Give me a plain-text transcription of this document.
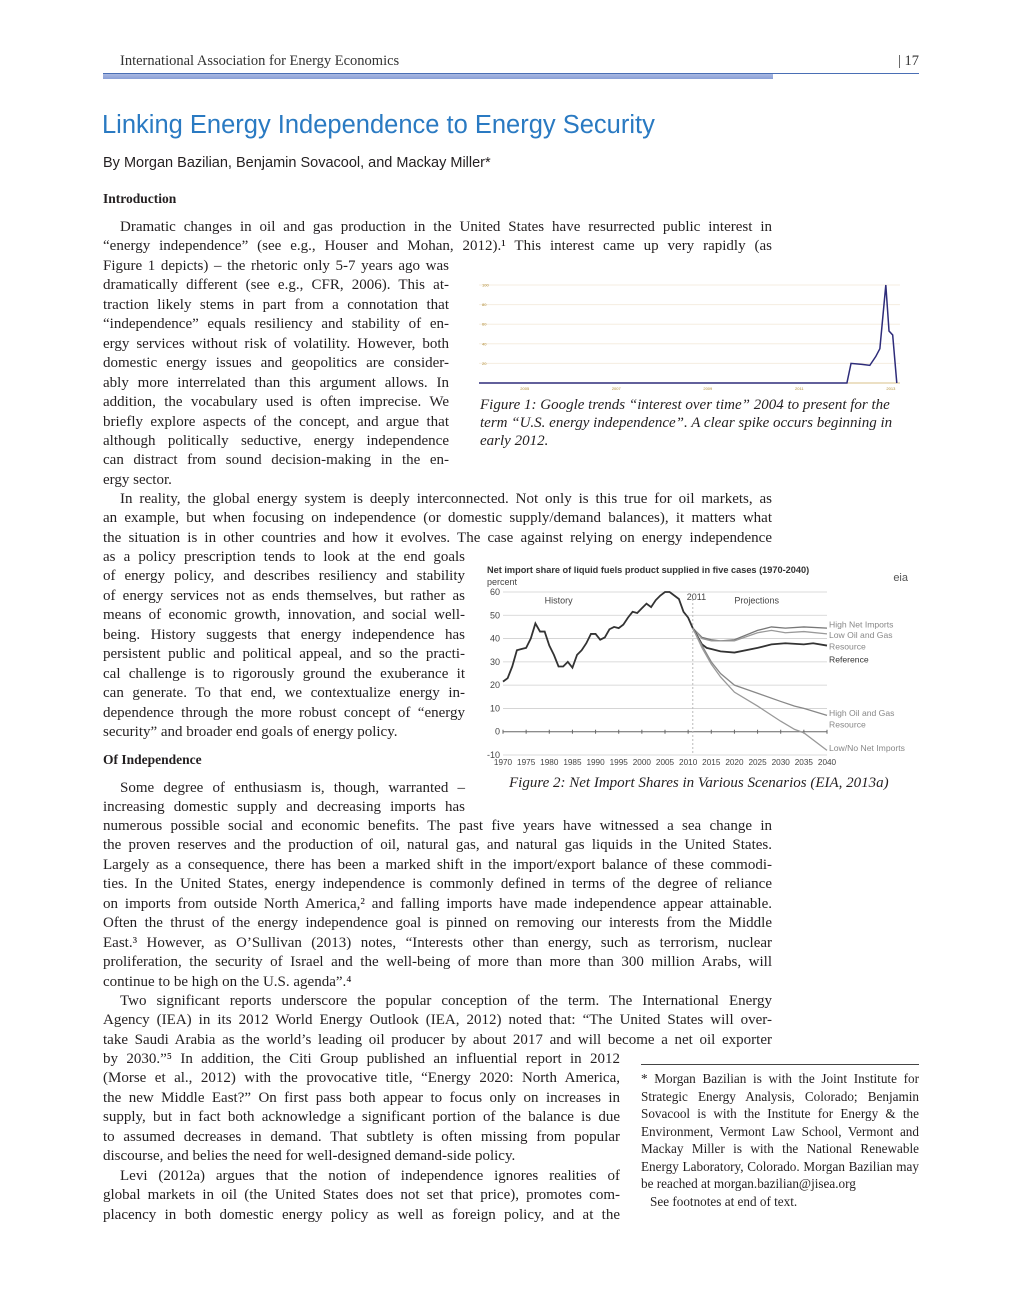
International Association for Energy Economics	| 17
Linking Energy Independence to Energy Security
By Morgan Bazilian, Benjamin Sovacool, and Mackay Miller*
Introduction
Dramatic changes in oil and gas production in the United States have resurrected public interest in
“energy independence” (see e.g., Houser and Mohan, 2012).¹ This interest came up very rapidly (as
Figure 1 depicts) – the rhetoric only 5-7 years ago was
dramatically different (see e.g., CFR, 2006). This at-
traction likely stems in part from a connotation that
“independence” equals resiliency and stability of en-
ergy services without risk of volatility. However, both
domestic energy issues and geopolitics are consider-
ably more interrelated than this argument allows. In
addition, the vocabulary used is often imprecise. We
briefly explore aspects of the concept, and argue that
although politically seductive, energy independence
can distract from sound decision-making in the en-
ergy sector.
In reality, the global energy system is deeply interconnected. Not only is this true for oil markets, as
an example, but when focusing on independence (or domestic supply/demand balances), it matters what
the situation is in other countries and how it evolves. The case against relying on energy independence
as a policy prescription tends to look at the end goals
of energy policy, and describes resiliency and stability
of energy services not as ends themselves, but rather as
means of economic growth, innovation, and social well-
being. History suggests that energy independence has
persistent public and political appeal, and so the practi-
cal challenge is to rigorously ground the exuberance it
can generate. To that end, we contextualize energy in-
dependence through the more robust concept of “energy
security” and broader end goals of energy policy.
Of Independence
Some degree of enthusiasm is, though, warranted –
increasing domestic supply and decreasing imports has
numerous possible social and economic benefits. The past five years have witnessed a sea change in
the proven reserves and the production of oil, natural gas, and natural gas liquids in the United States.
Largely as a consequence, there has been a marked shift in the import/export balance of these commodi-
ties. In the United States, energy independence is commonly defined in terms of the degree of reliance
on imports from outside North America,² and falling imports have made independence appear attainable.
Often the thrust of the energy independence goal is pinned on removing our interests from the Middle
East.³ However, as O’Sullivan (2013) notes, “Interests other than energy, such as terrorism, nuclear
proliferation, the security of Israel and the well-being of more than more than 300 million Arabs, will
continue to be high on the U.S. agenda”.⁴
Two significant reports underscore the popular conception of the term. The International Energy
Agency (IEA) in its 2012 World Energy Outlook (IEA, 2012) noted that: “The United States will over-
take Saudi Arabia as the world’s leading oil producer by about 2017 and will become a net oil exporter
by 2030.”⁵ In addition, the Citi Group published an influential report in 2012
(Morse et al., 2012) with the provocative title, “Energy 2020: North America,
the new Middle East?” On first pass both appear to focus only on increases in
supply, but in fact both acknowledge a significant portion of the balance is due
to assumed decreases in demand. That subtlety is often missing from popular
discourse, and belies the need for well-designed demand-side policy.
Levi (2012a) argues that the notion of independence ignores realities of
global markets in oil (the United States does not set that price), promotes com-
placency in both domestic energy policy as well as foreign policy, and at the
20
40
60
80
100
2005	2007	2009	2011	2013
Figure 1: Google trends “interest over time” 2004 to present for the term “U.S. energy independence”. A clear spike occurs beginning in early 2012.
Net import share of liquid fuels product supplied in five cases (1970-2040)
percent	eia
-10
0
10
20
30
40
50
60
1970 1975 1980 1985 1990 1995 2000 2005 2010 2015 2020 2025 2030 2035 2040
2011
History	Projections
High Net Imports
Low Oil and Gas
Resource
Reference
High Oil and Gas
Resource
Low/No Net Imports
Figure 2: Net Import Shares in Various Scenarios (EIA, 2013a)
* Morgan Bazilian is with the Joint Institute for Strategic Energy Analysis, Colorado; Benjamin Sovacool is with the Institute for Energy & the Environment, Vermont Law School, Vermont and Mackay Miller is with the National Renewable Energy Laboratory, Colorado. Morgan Bazilian may be reached at morgan.bazilian@jisea.org
See footnotes at end of text.
